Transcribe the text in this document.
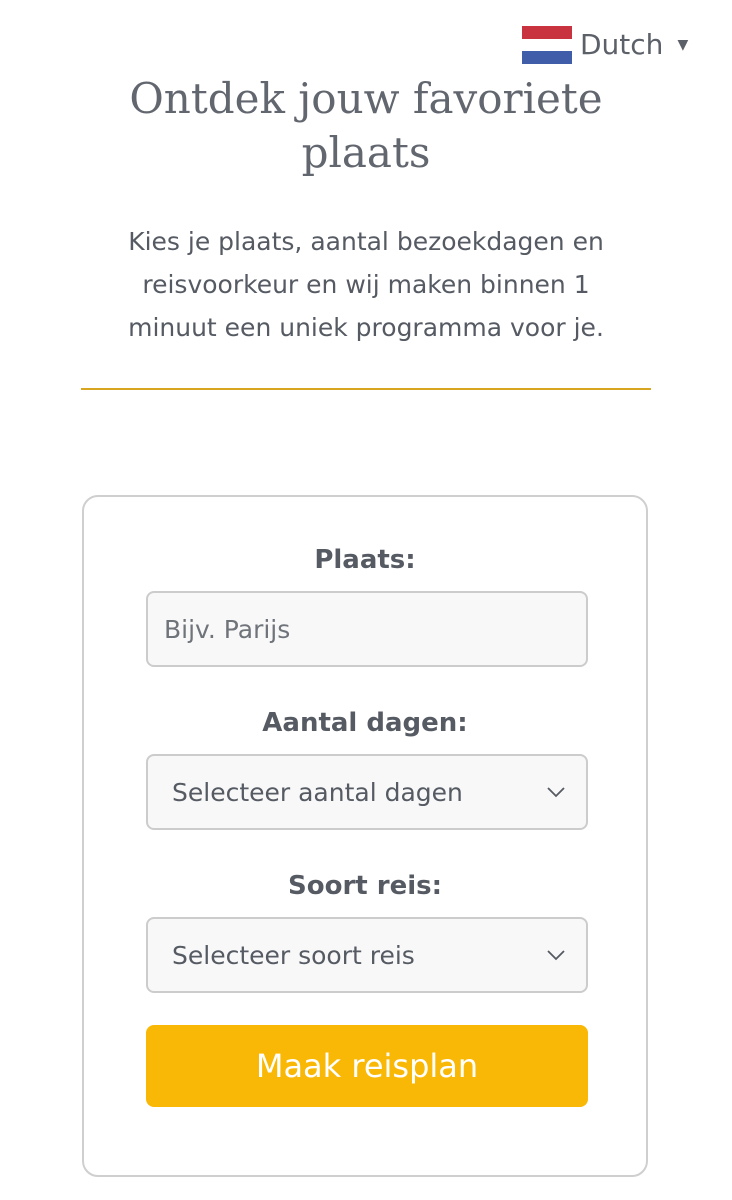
Dutch ▼
Ontdek jouw favoriete
plaats

Kies je plaats, aantal bezoekdagen en
reisvoorkeur en wij maken binnen 1
minuut een uniek programma voor je.

Plaats:
Bijv. Parijs
Aantal dagen:
Selecteer aantal dagen
Soort reis:
Selecteer soort reis
Maak reisplan
